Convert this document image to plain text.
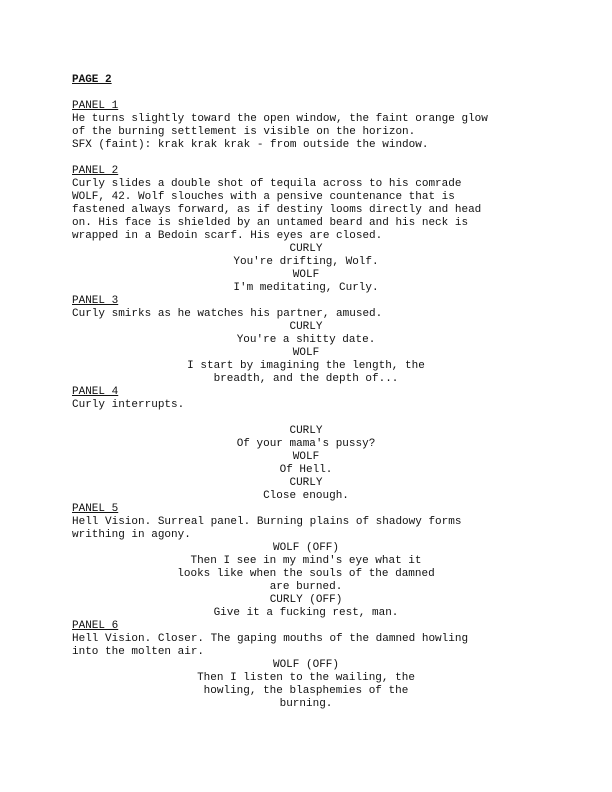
PAGE 2
PANEL 1
He turns slightly toward the open window, the faint orange glow
of the burning settlement is visible on the horizon.
SFX (faint): krak krak krak - from outside the window.
PANEL 2
Curly slides a double shot of tequila across to his comrade
WOLF, 42. Wolf slouches with a pensive countenance that is
fastened always forward, as if destiny looms directly and head
on. His face is shielded by an untamed beard and his neck is
wrapped in a Bedoin scarf. His eyes are closed.
CURLY
You're drifting, Wolf.
WOLF
I'm meditating, Curly.
PANEL 3
Curly smirks as he watches his partner, amused.
CURLY
You're a shitty date.
WOLF
I start by imagining the length, the
breadth, and the depth of...
PANEL 4
Curly interrupts.
CURLY
Of your mama's pussy?
WOLF
Of Hell.
CURLY
Close enough.
PANEL 5
Hell Vision. Surreal panel. Burning plains of shadowy forms
writhing in agony.
WOLF (OFF)
Then I see in my mind's eye what it
looks like when the souls of the damned
are burned.
CURLY (OFF)
Give it a fucking rest, man.
PANEL 6
Hell Vision. Closer. The gaping mouths of the damned howling
into the molten air.
WOLF (OFF)
Then I listen to the wailing, the
howling, the blasphemies of the
burning.
